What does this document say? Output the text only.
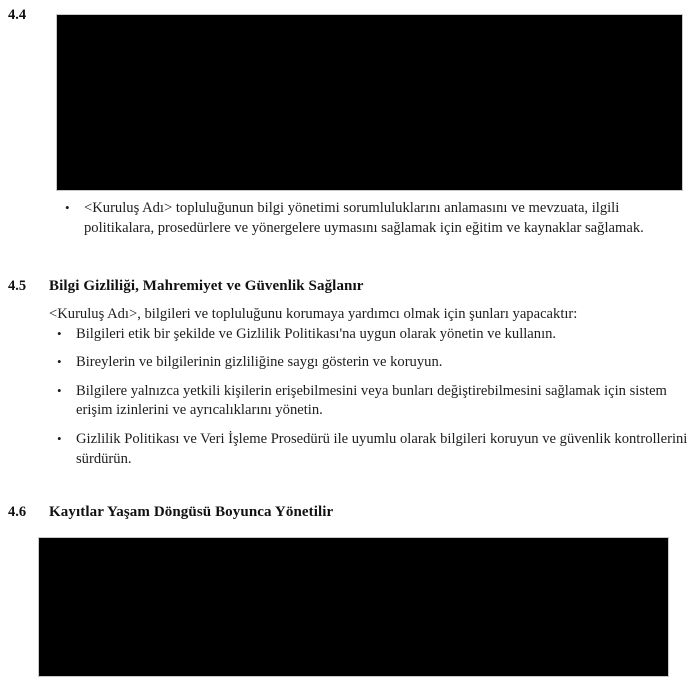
4.4
• <Kuruluş Adı> topluluğunun bilgi yönetimi sorumluluklarını anlamasını ve mevzuata, ilgili politikalara, prosedürlere ve yönergelere uymasını sağlamak için eğitim ve kaynaklar sağlamak.
4.5	Bilgi Gizliliği, Mahremiyet ve Güvenlik Sağlanır
<Kuruluş Adı>, bilgileri ve topluluğunu korumaya yardımcı olmak için şunları yapacaktır:
• Bilgileri etik bir şekilde ve Gizlilik Politikası'na uygun olarak yönetin ve kullanın.
• Bireylerin ve bilgilerinin gizliliğine saygı gösterin ve koruyun.
• Bilgilere yalnızca yetkili kişilerin erişebilmesini veya bunları değiştirebilmesini sağlamak için sistem erişim izinlerini ve ayrıcalıklarını yönetin.
• Gizlilik Politikası ve Veri İşleme Prosedürü ile uyumlu olarak bilgileri koruyun ve güvenlik kontrollerini sürdürün.
4.6	Kayıtlar Yaşam Döngüsü Boyunca Yönetilir
